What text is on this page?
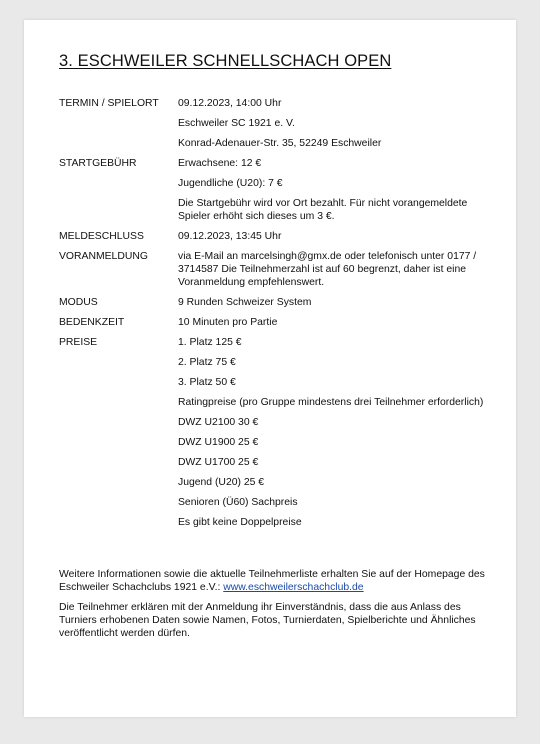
3. ESCHWEILER SCHNELLSCHACH OPEN
TERMIN / SPIELORT	09.12.2023, 14:00 Uhr
Eschweiler SC 1921 e. V.
Konrad-Adenauer-Str. 35, 52249 Eschweiler
STARTGEBÜHR	Erwachsene: 12 €
Jugendliche (U20): 7 €
Die Startgebühr wird vor Ort bezahlt. Für nicht vorangemeldete Spieler erhöht sich dieses um 3 €.
MELDESCHLUSS	09.12.2023, 13:45 Uhr
VORANMELDUNG	via E-Mail an marcelsingh@gmx.de oder telefonisch unter 0177 / 3714587 Die Teilnehmerzahl ist auf 60 begrenzt, daher ist eine Voranmeldung empfehlenswert.
MODUS	9 Runden Schweizer System
BEDENKZEIT	10 Minuten pro Partie
PREISE	1. Platz 125 €
2. Platz 75 €
3. Platz 50 €
Ratingpreise (pro Gruppe mindestens drei Teilnehmer erforderlich)
DWZ U2100 30 €
DWZ U1900 25 €
DWZ U1700 25 €
Jugend (U20) 25 €
Senioren (Ü60) Sachpreis
Es gibt keine Doppelpreise
Weitere Informationen sowie die aktuelle Teilnehmerliste erhalten Sie auf der Homepage des Eschweiler Schachclubs 1921 e.V.: www.eschweilerschachclub.de
Die Teilnehmer erklären mit der Anmeldung ihr Einverständnis, dass die aus Anlass des Turniers erhobenen Daten sowie Namen, Fotos, Turnierdaten, Spielberichte und Ähnliches veröffentlicht werden dürfen.
